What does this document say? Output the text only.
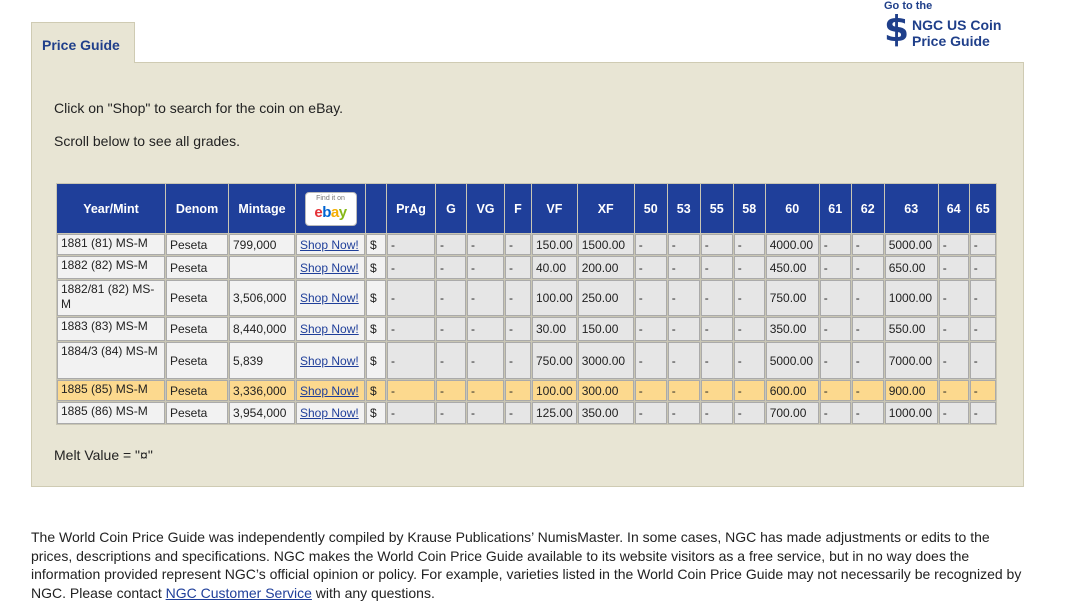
Price Guide
Go to the
$ NGC US Coin
Price Guide
Click on "Shop" to search for the coin on eBay.
Scroll below to see all grades.
Year/Mint	Denom	Mintage	Find it on
ebay		PrAg	G	VG	F	VF	XF	50	53	55	58	60	61	62	63	64	65
1881 (81) MS-M	Peseta	799,000	Shop Now!	$	-	-	-	-	150.00	1500.00	-	-	-	-	4000.00	-	-	5000.00	-	-
1882 (82) MS-M	Peseta		Shop Now!	$	-	-	-	-	40.00	200.00	-	-	-	-	450.00	-	-	650.00	-	-
1882/81 (82) MS-M	Peseta	3,506,000	Shop Now!	$	-	-	-	-	100.00	250.00	-	-	-	-	750.00	-	-	1000.00	-	-
1883 (83) MS-M	Peseta	8,440,000	Shop Now!	$	-	-	-	-	30.00	150.00	-	-	-	-	350.00	-	-	550.00	-	-
1884/3 (84) MS-M	Peseta	5,839	Shop Now!	$	-	-	-	-	750.00	3000.00	-	-	-	-	5000.00	-	-	7000.00	-	-
1885 (85) MS-M	Peseta	3,336,000	Shop Now!	$	-	-	-	-	100.00	300.00	-	-	-	-	600.00	-	-	900.00	-	-
1885 (86) MS-M	Peseta	3,954,000	Shop Now!	$	-	-	-	-	125.00	350.00	-	-	-	-	700.00	-	-	1000.00	-	-
Melt Value = "¤"
The World Coin Price Guide was independently compiled by Krause Publications’ NumisMaster. In some cases, NGC has made adjustments or edits to the prices, descriptions and specifications. NGC makes the World Coin Price Guide available to its website visitors as a free service, but in no way does the information provided represent NGC’s official opinion or policy. For example, varieties listed in the World Coin Price Guide may not necessarily be recognized by NGC. Please contact NGC Customer Service with any questions.
